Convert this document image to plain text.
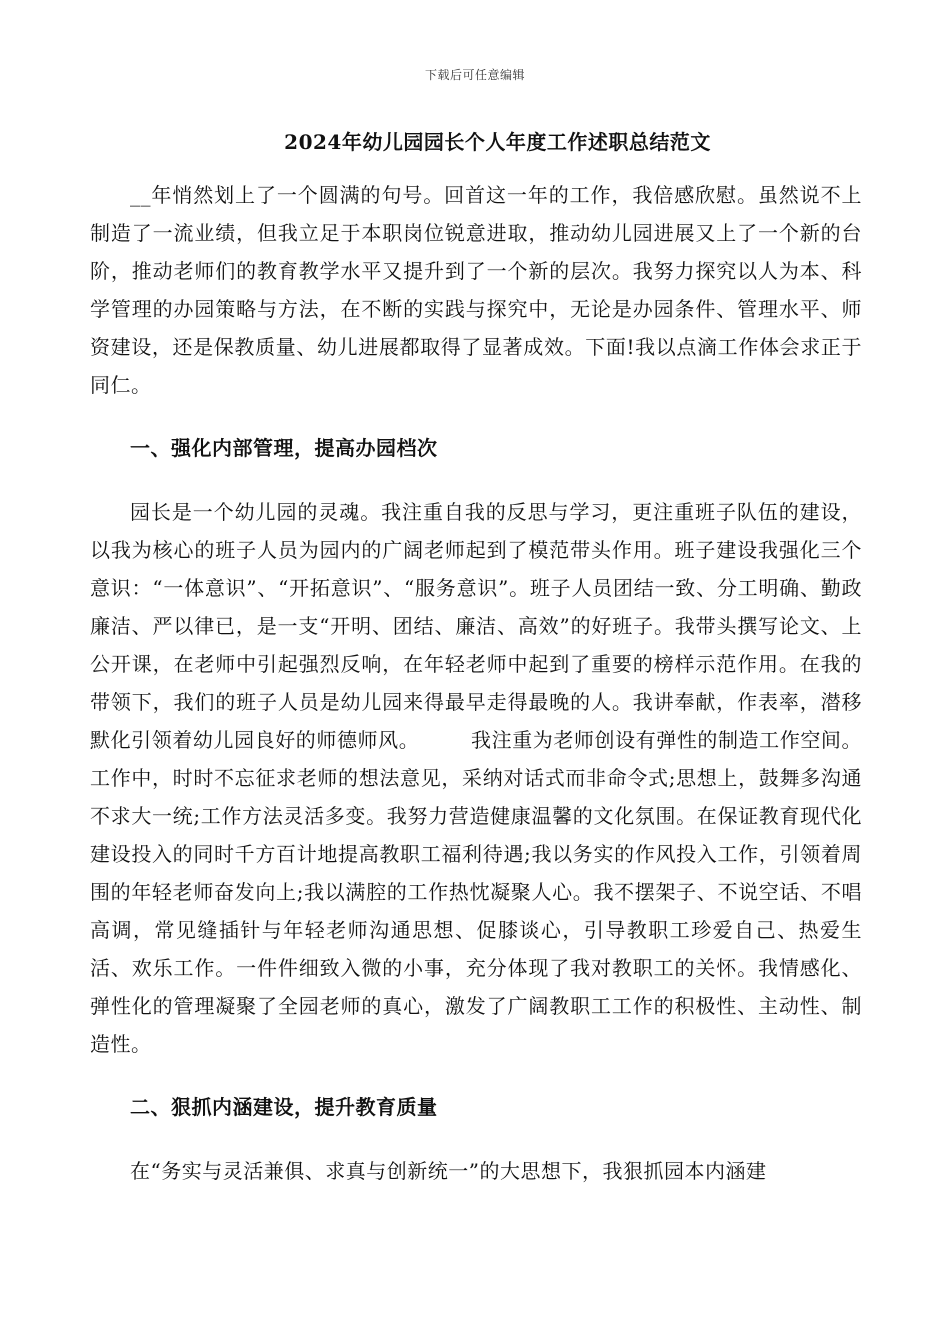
下载后可任意编辑
2024年幼儿园园长个人年度工作述职总结范文

__年悄然划上了一个圆满的句号。回首这一年的工作，我倍感欣慰。虽然说不上制造了一流业绩，但我立足于本职岗位锐意进取，推动幼儿园进展又上了一个新的台阶，推动老师们的教育教学水平又提升到了一个新的层次。我努力探究以人为本、科学管理的办园策略与方法，在不断的实践与探究中，无论是办园条件、管理水平、师资建设，还是保教质量、幼儿进展都取得了显著成效。下面!我以点滴工作体会求正于同仁。

一、强化内部管理，提高办园档次

园长是一个幼儿园的灵魂。我注重自我的反思与学习，更注重班子队伍的建设，以我为核心的班子人员为园内的广阔老师起到了模范带头作用。班子建设我强化三个意识：“一体意识”、“开拓意识”、“服务意识”。班子人员团结一致、分工明确、勤政廉洁、严以律已，是一支“开明、团结、廉洁、高效”的好班子。我带头撰写论文、上公开课，在老师中引起强烈反响，在年轻老师中起到了重要的榜样示范作用。在我的带领下，我们的班子人员是幼儿园来得最早走得最晚的人。我讲奉献，作表率，潜移默化引领着幼儿园良好的师德师风。　　　我注重为老师创设有弹性的制造工作空间。工作中，时时不忘征求老师的想法意见，采纳对话式而非命令式;思想上，鼓舞多沟通不求大一统;工作方法灵活多变。我努力营造健康温馨的文化氛围。在保证教育现代化建设投入的同时千方百计地提高教职工福利待遇;我以务实的作风投入工作，引领着周围的年轻老师奋发向上;我以满腔的工作热忱凝聚人心。我不摆架子、不说空话、不唱高调，常见缝插针与年轻老师沟通思想、促膝谈心，引导教职工珍爱自己、热爱生活、欢乐工作。一件件细致入微的小事，充分体现了我对教职工的关怀。我情感化、弹性化的管理凝聚了全园老师的真心，激发了广阔教职工工作的积极性、主动性、制造性。

二、狠抓内涵建设，提升教育质量

在“务实与灵活兼俱、求真与创新统一”的大思想下，我狠抓园本内涵建
